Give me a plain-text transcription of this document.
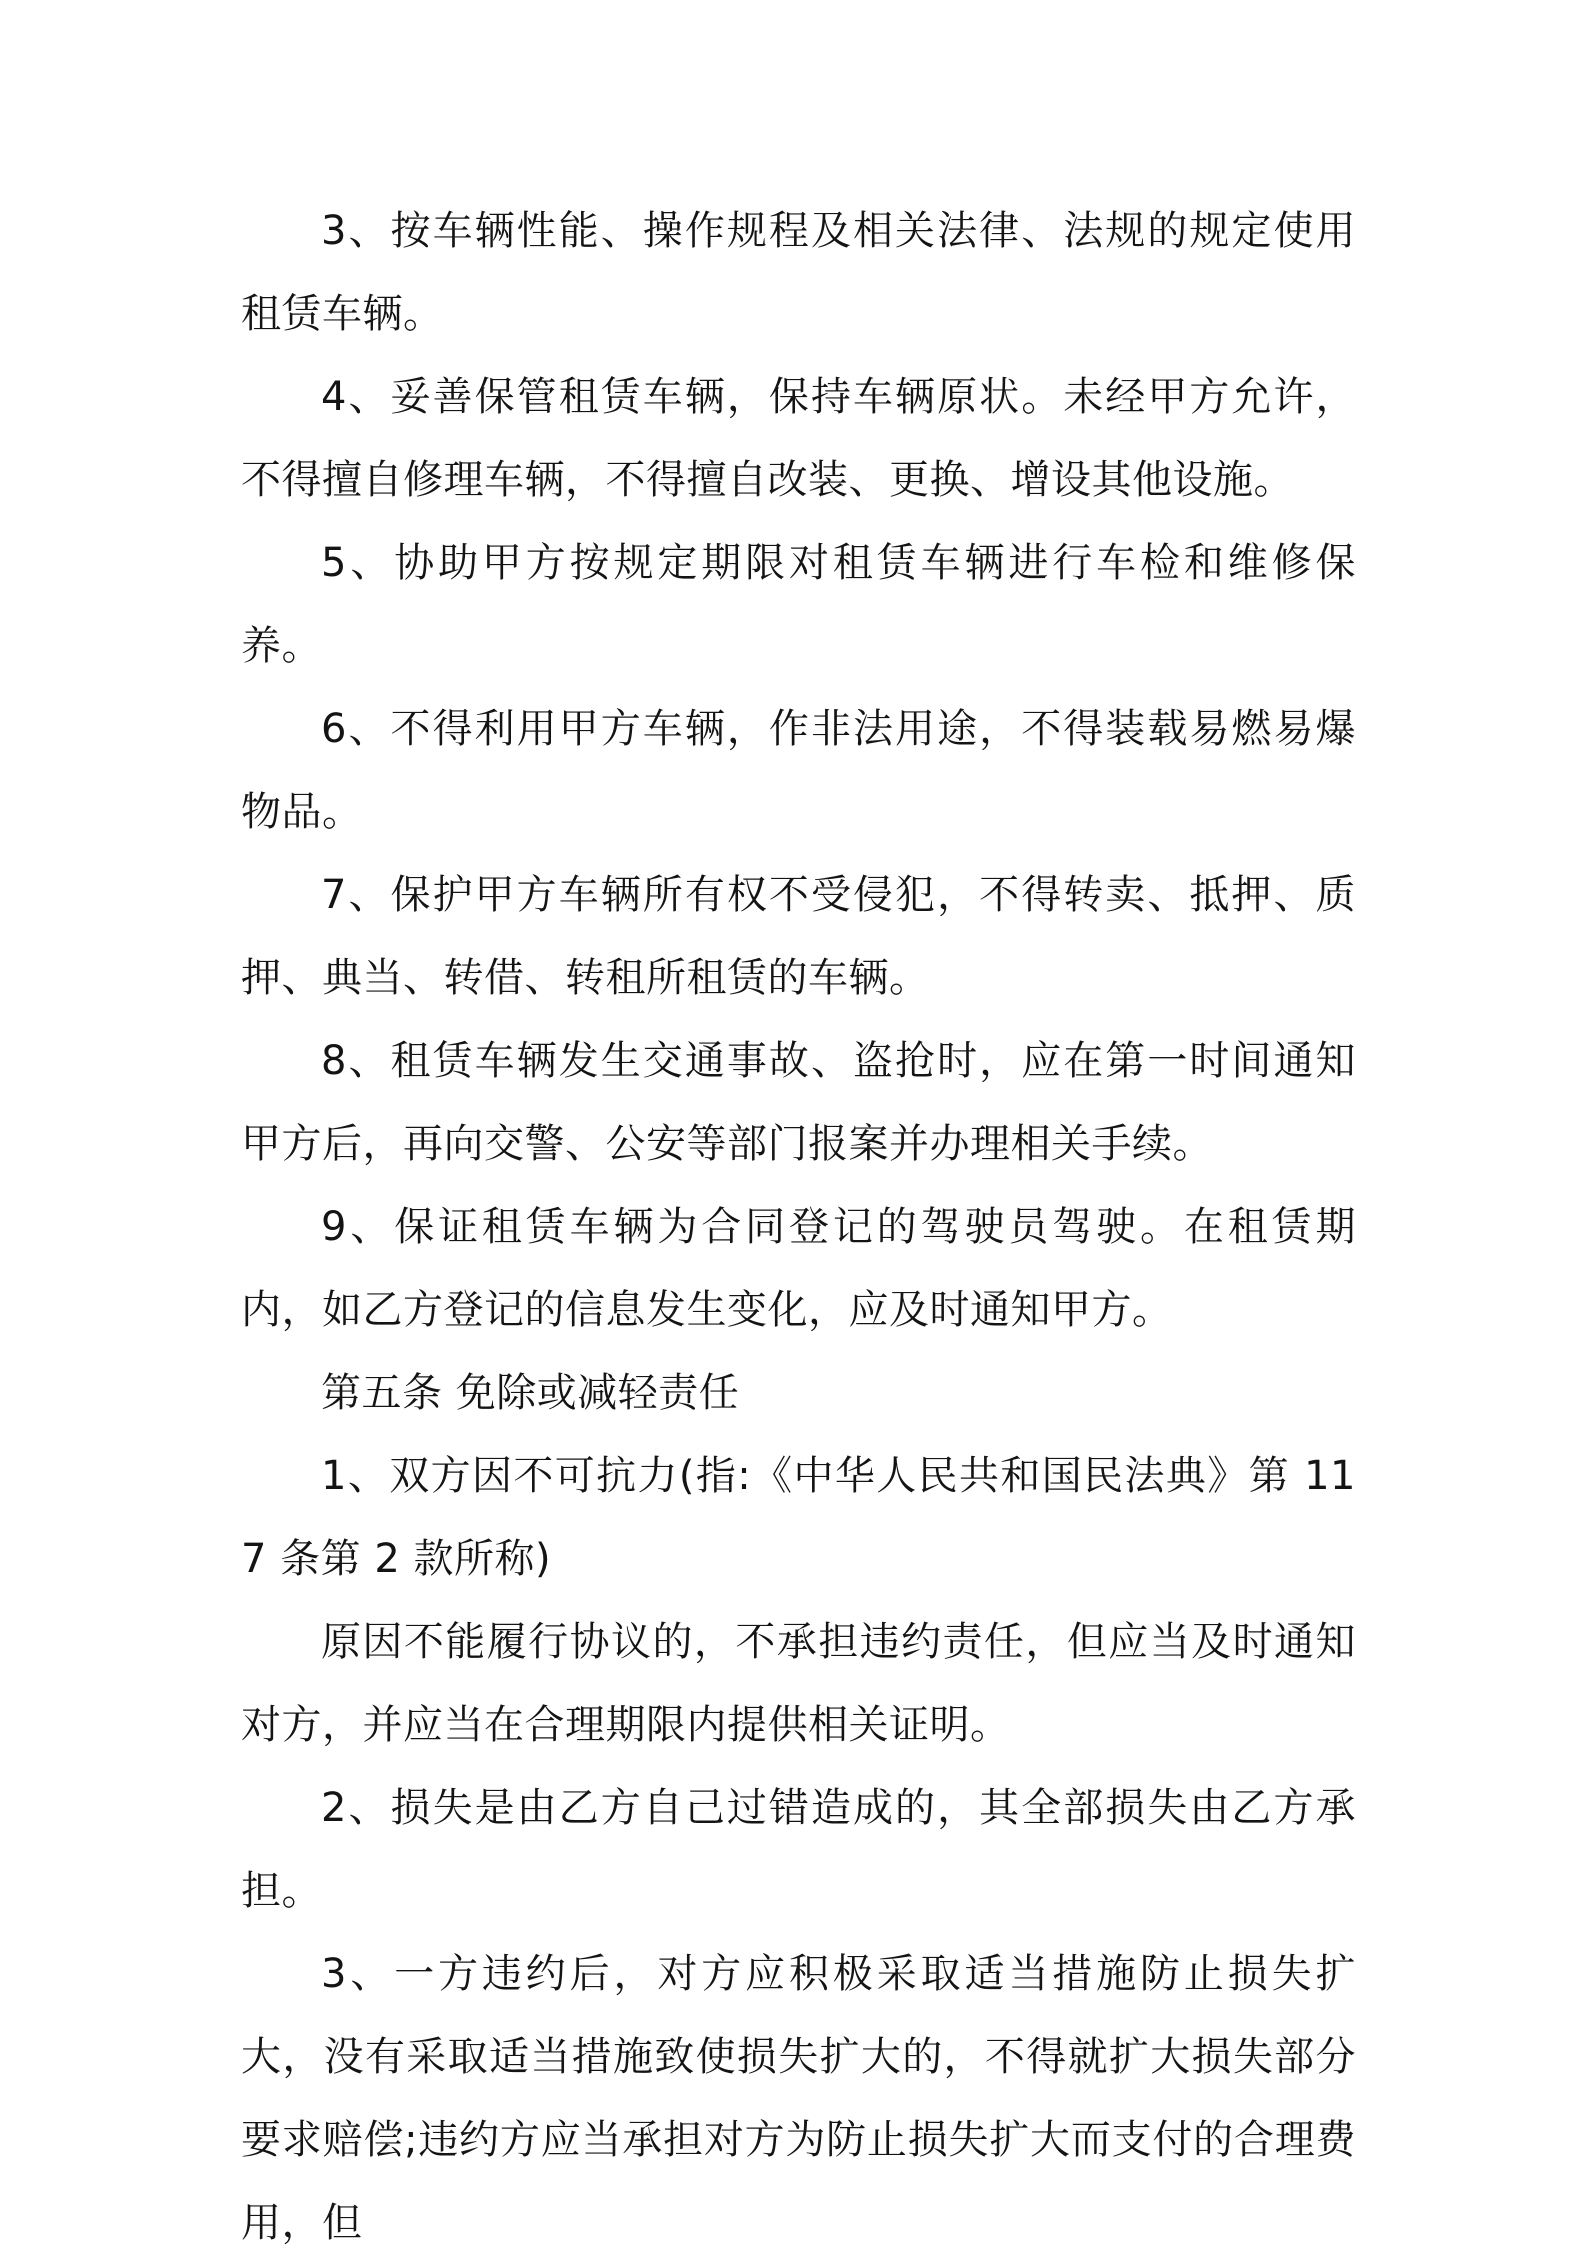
3、按车辆性能、操作规程及相关法律、法规的规定使用租赁车辆。

4、妥善保管租赁车辆，保持车辆原状。未经甲方允许，不得擅自修理车辆，不得擅自改装、更换、增设其他设施。

5、协助甲方按规定期限对租赁车辆进行车检和维修保养。

6、不得利用甲方车辆，作非法用途，不得装载易燃易爆物品。

7、保护甲方车辆所有权不受侵犯，不得转卖、抵押、质押、典当、转借、转租所租赁的车辆。

8、租赁车辆发生交通事故、盗抢时，应在第一时间通知甲方后，再向交警、公安等部门报案并办理相关手续。

9、保证租赁车辆为合同登记的驾驶员驾驶。在租赁期内，如乙方登记的信息发生变化，应及时通知甲方。

第五条 免除或减轻责任

1、双方因不可抗力(指:《中华人民共和国民法典》第 117 条第 2 款所称)

原因不能履行协议的，不承担违约责任，但应当及时通知对方，并应当在合理期限内提供相关证明。

2、损失是由乙方自己过错造成的，其全部损失由乙方承担。

3、一方违约后，对方应积极采取适当措施防止损失扩大，没有采取适当措施致使损失扩大的，不得就扩大损失部分要求赔偿;违约方应当承担对方为防止损失扩大而支付的合理费用，但
